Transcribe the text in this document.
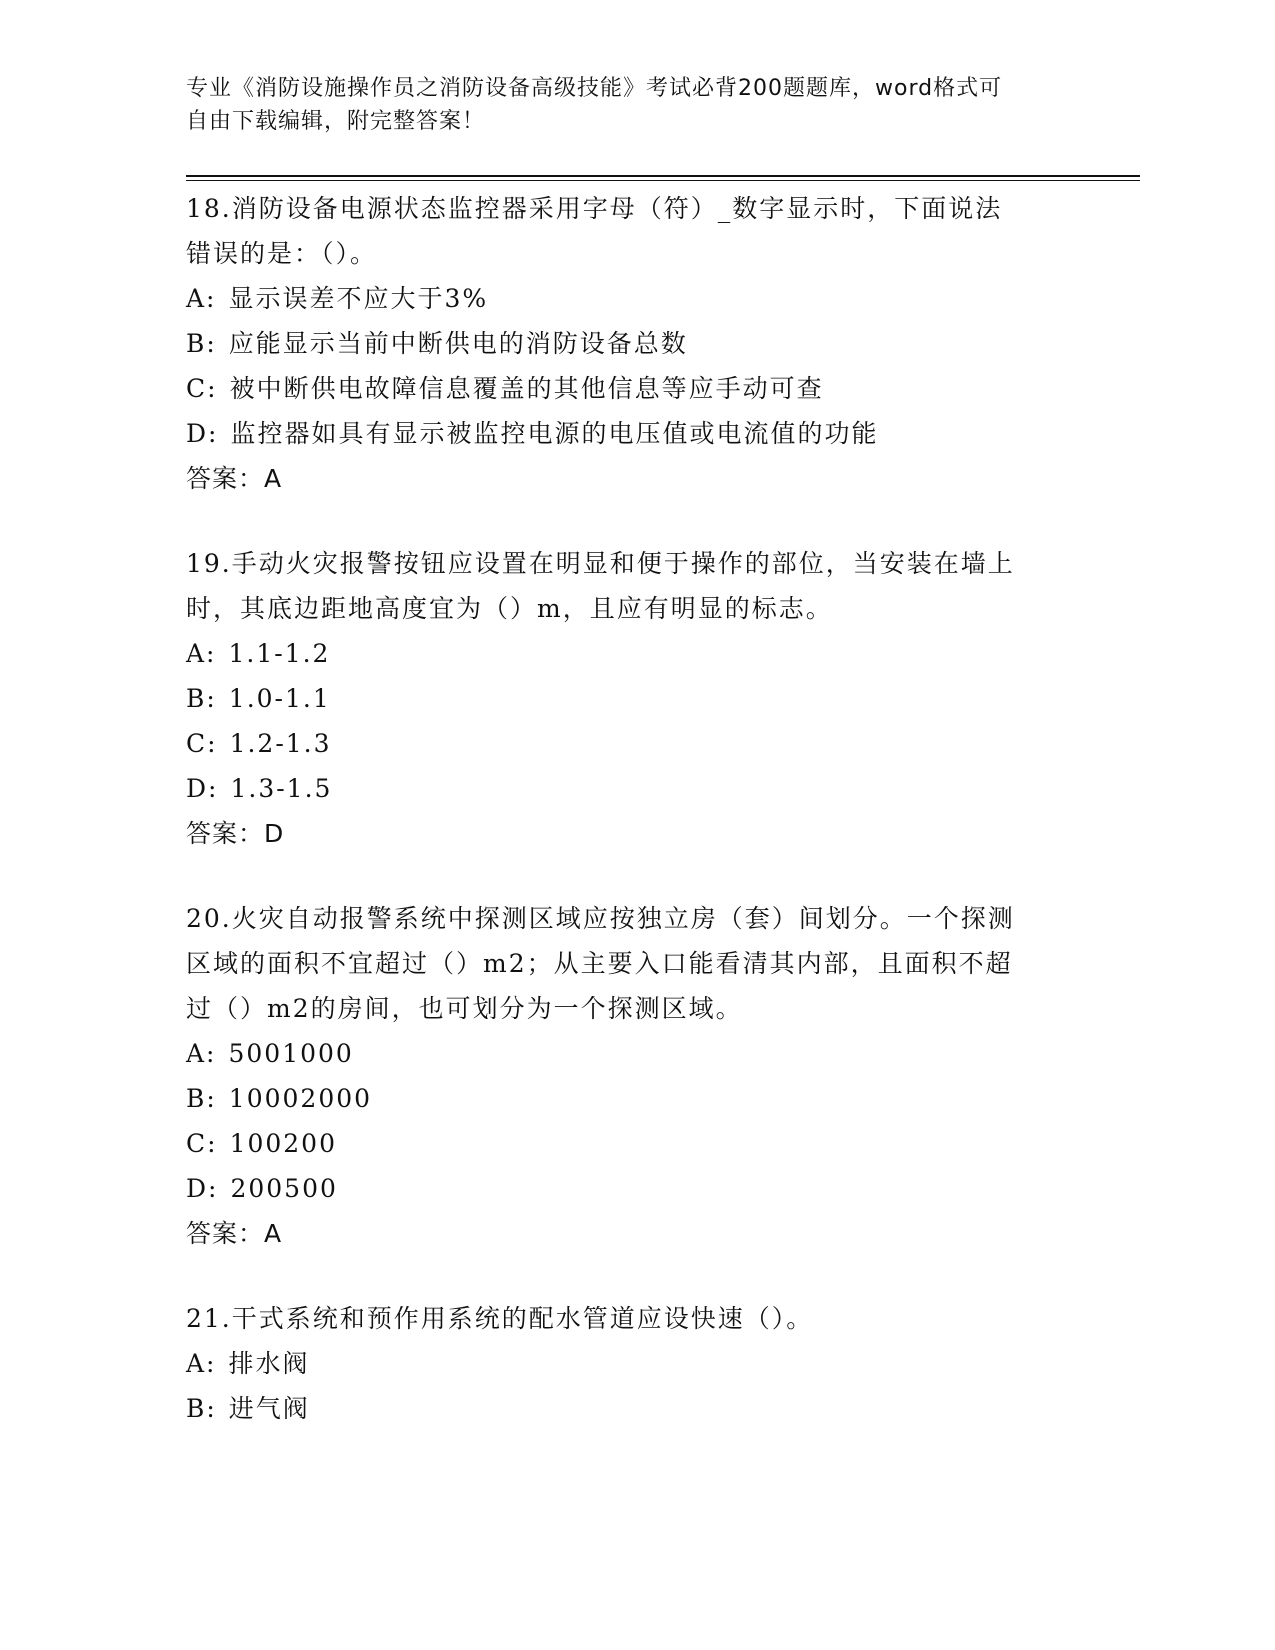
专业《消防设施操作员之消防设备高级技能》考试必背200题题库，word格式可
自由下载编辑，附完整答案！

18.消防设备电源状态监控器采用字母（符）_数字显示时，下面说法

错误的是：（）。

A: 显示误差不应大于3%

B: 应能显示当前中断供电的消防设备总数

C: 被中断供电故障信息覆盖的其他信息等应手动可查

D: 监控器如具有显示被监控电源的电压值或电流值的功能

答案：A

19.手动火灾报警按钮应设置在明显和便于操作的部位，当安装在墙上

时，其底边距地高度宜为（）m，且应有明显的标志。

A: 1.1-1.2

B: 1.0-1.1

C: 1.2-1.3

D: 1.3-1.5

答案：D

20.火灾自动报警系统中探测区域应按独立房（套）间划分。一个探测

区域的面积不宜超过（）m2；从主要入口能看清其内部，且面积不超

过（）m2的房间，也可划分为一个探测区域。

A: 5001000

B: 10002000

C: 100200

D: 200500

答案：A

21.干式系统和预作用系统的配水管道应设快速（）。

A: 排水阀

B: 进气阀
